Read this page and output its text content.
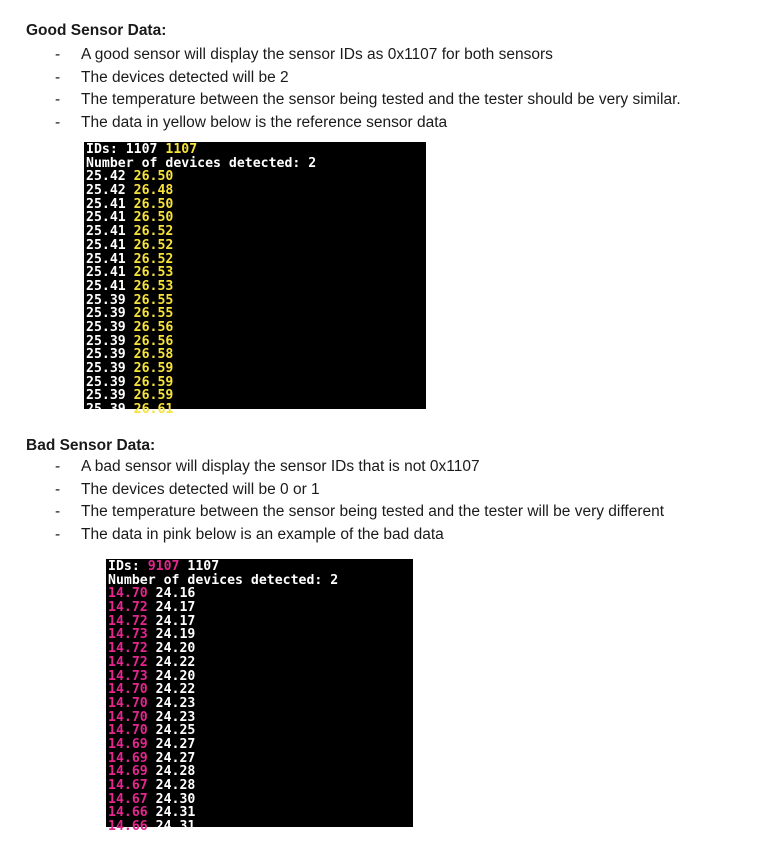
Good Sensor Data:
- A good sensor will display the sensor IDs as 0x1107 for both sensors
- The devices detected will be 2
- The temperature between the sensor being tested and the tester should be very similar.
- The data in yellow below is the reference sensor data
IDs: 1107 1107
Number of devices detected: 2
25.42 26.50
25.42 26.48
25.41 26.50
25.41 26.50
25.41 26.52
25.41 26.52
25.41 26.52
25.41 26.53
25.41 26.53
25.39 26.55
25.39 26.55
25.39 26.56
25.39 26.56
25.39 26.58
25.39 26.59
25.39 26.59
25.39 26.59
25.39 26.61
Bad Sensor Data:
- A bad sensor will display the sensor IDs that is not 0x1107
- The devices detected will be 0 or 1
- The temperature between the sensor being tested and the tester will be very different
- The data in pink below is an example of the bad data
IDs: 9107 1107
Number of devices detected: 2
14.70 24.16
14.72 24.17
14.72 24.17
14.73 24.19
14.72 24.20
14.72 24.22
14.73 24.20
14.70 24.22
14.70 24.23
14.70 24.23
14.70 24.25
14.69 24.27
14.69 24.27
14.69 24.28
14.67 24.28
14.67 24.30
14.66 24.31
14.66 24.31
